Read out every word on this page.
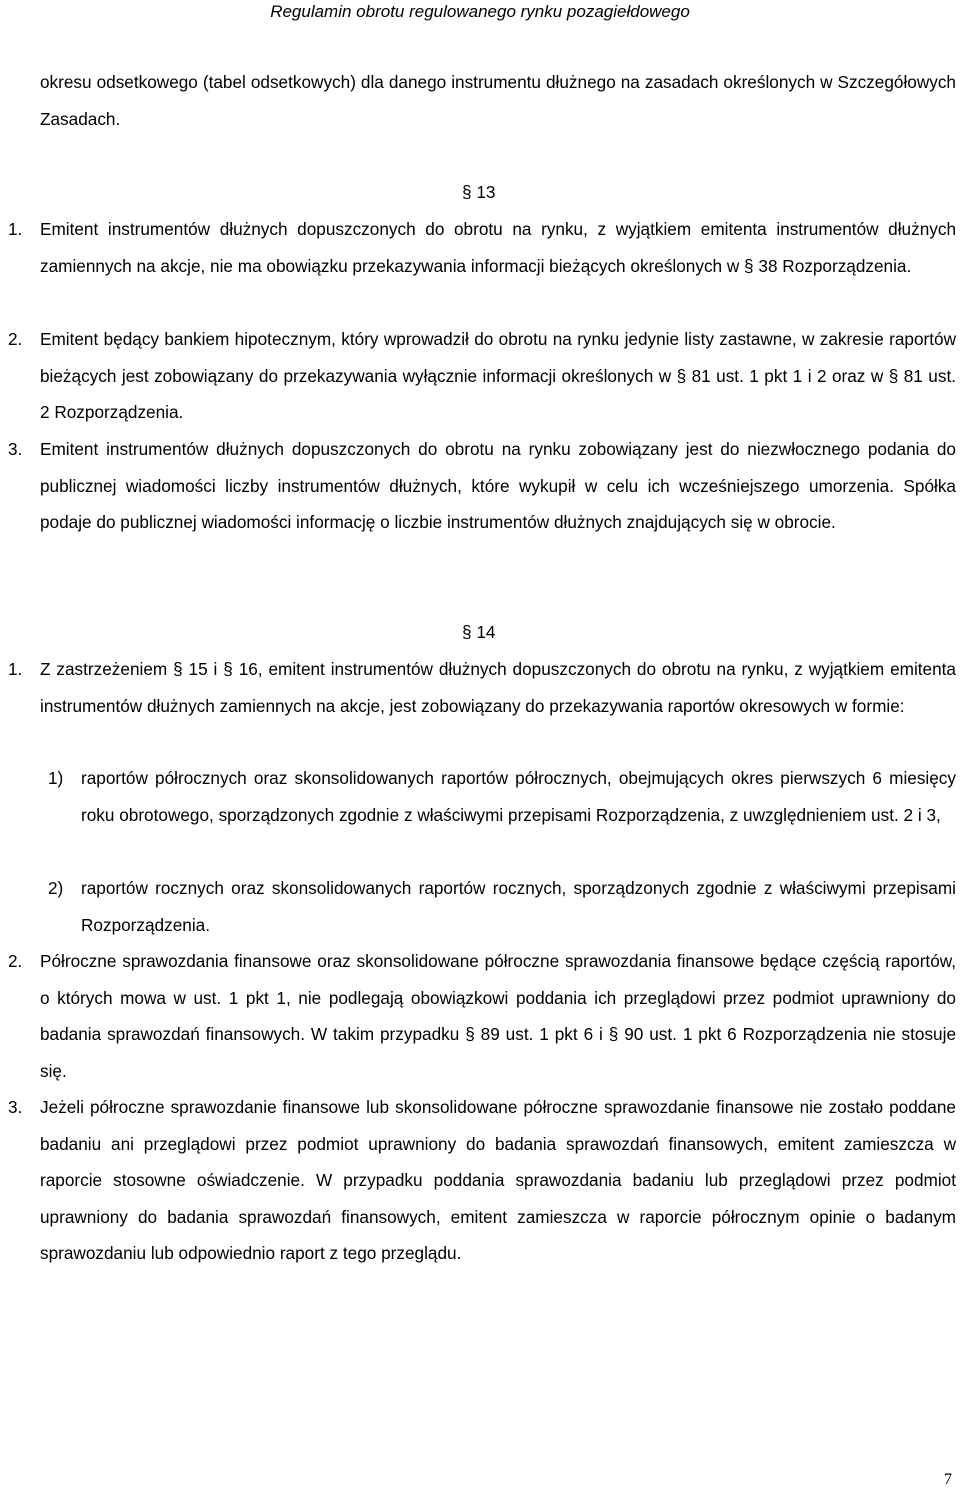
Regulamin obrotu regulowanego rynku pozagiełdowego
okresu odsetkowego (tabel odsetkowych) dla danego instrumentu dłużnego na zasadach określonych w Szczegółowych Zasadach.
§ 13
1. Emitent instrumentów dłużnych dopuszczonych do obrotu na rynku, z wyjątkiem emitenta instrumentów dłużnych zamiennych na akcje, nie ma obowiązku przekazywania informacji bieżących określonych w § 38 Rozporządzenia.
2. Emitent będący bankiem hipotecznym, który wprowadził do obrotu na rynku jedynie listy zastawne, w zakresie raportów bieżących jest zobowiązany do przekazywania wyłącznie informacji określonych w § 81 ust. 1 pkt 1 i 2 oraz w § 81 ust. 2 Rozporządzenia.
3. Emitent instrumentów dłużnych dopuszczonych do obrotu na rynku zobowiązany jest do niezwłocznego podania do publicznej wiadomości liczby instrumentów dłużnych, które wykupił w celu ich wcześniejszego umorzenia. Spółka podaje do publicznej wiadomości informację o liczbie instrumentów dłużnych znajdujących się w obrocie.
§ 14
1. Z zastrzeżeniem § 15 i § 16, emitent instrumentów dłużnych dopuszczonych do obrotu na rynku, z wyjątkiem emitenta instrumentów dłużnych zamiennych na akcje, jest zobowiązany do przekazywania raportów okresowych w formie:
1) raportów półrocznych oraz skonsolidowanych raportów półrocznych, obejmujących okres pierwszych 6 miesięcy roku obrotowego, sporządzonych zgodnie z właściwymi przepisami Rozporządzenia, z uwzględnieniem ust. 2 i 3,
2) raportów rocznych oraz skonsolidowanych raportów rocznych, sporządzonych zgodnie z właściwymi przepisami Rozporządzenia.
2. Półroczne sprawozdania finansowe oraz skonsolidowane półroczne sprawozdania finansowe będące częścią raportów, o których mowa w ust. 1 pkt 1, nie podlegają obowiązkowi poddania ich przeglądowi przez podmiot uprawniony do badania sprawozdań finansowych. W takim przypadku § 89 ust. 1 pkt 6 i § 90 ust. 1 pkt 6 Rozporządzenia nie stosuje się.
3. Jeżeli półroczne sprawozdanie finansowe lub skonsolidowane półroczne sprawozdanie finansowe nie zostało poddane badaniu ani przeglądowi przez podmiot uprawniony do badania sprawozdań finansowych, emitent zamieszcza w raporcie stosowne oświadczenie. W przypadku poddania sprawozdania badaniu lub przeglądowi przez podmiot uprawniony do badania sprawozdań finansowych, emitent zamieszcza w raporcie półrocznym opinie o badanym sprawozdaniu lub odpowiednio raport z tego przeglądu.
7
